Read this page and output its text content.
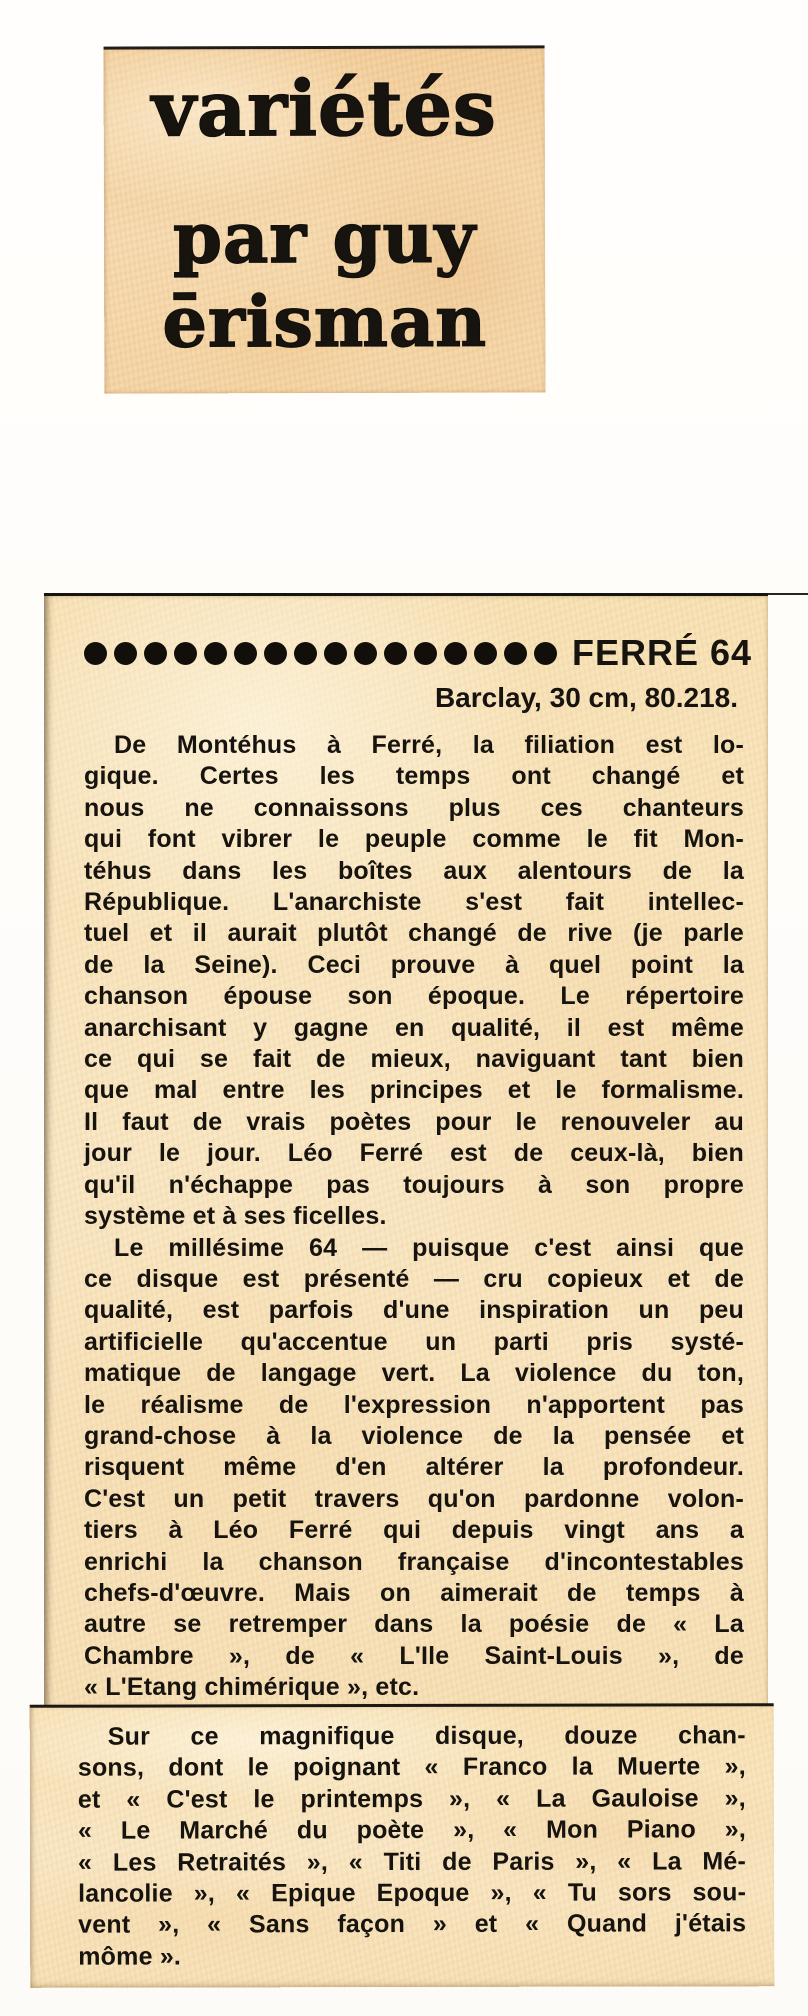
variétés
par guy
ērisman
FERRÉ 64
Barclay, 30 cm, 80.218.
De Montéhus à Ferré, la filiation est lo-
gique. Certes les temps ont changé et
nous ne connaissons plus ces chanteurs
qui font vibrer le peuple comme le fit Mon-
téhus dans les boîtes aux alentours de la
République. L'anarchiste s'est fait intellec-
tuel et il aurait plutôt changé de rive (je parle
de la Seine). Ceci prouve à quel point la
chanson épouse son époque. Le répertoire
anarchisant y gagne en qualité, il est même
ce qui se fait de mieux, naviguant tant bien
que mal entre les principes et le formalisme.
Il faut de vrais poètes pour le renouveler au
jour le jour. Léo Ferré est de ceux-là, bien
qu'il n'échappe pas toujours à son propre
système et à ses ficelles.
Le millésime 64 — puisque c'est ainsi que
ce disque est présenté — cru copieux et de
qualité, est parfois d'une inspiration un peu
artificielle qu'accentue un parti pris systé-
matique de langage vert. La violence du ton,
le réalisme de l'expression n'apportent pas
grand-chose à la violence de la pensée et
risquent même d'en altérer la profondeur.
C'est un petit travers qu'on pardonne volon-
tiers à Léo Ferré qui depuis vingt ans a
enrichi la chanson française d'incontestables
chefs-d'œuvre. Mais on aimerait de temps à
autre se retremper dans la poésie de « La
Chambre », de « L'Ile Saint-Louis », de
« L'Etang chimérique », etc.
Sur ce magnifique disque, douze chan-
sons, dont le poignant « Franco la Muerte »,
et « C'est le printemps », « La Gauloise »,
« Le Marché du poète », « Mon Piano »,
« Les Retraités », « Titi de Paris », « La Mé-
lancolie », « Epique Epoque », « Tu sors sou-
vent », « Sans façon » et « Quand j'étais
môme ».
